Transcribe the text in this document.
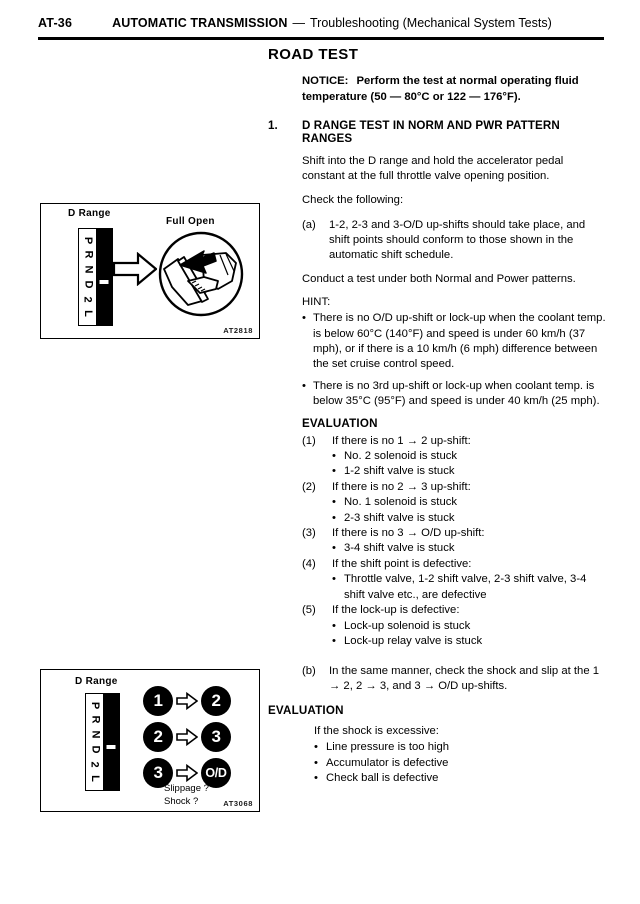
AT-36	AUTOMATIC TRANSMISSION — Troubleshooting (Mechanical System Tests)
AT2818
D Range
Full Open
P
R
N
D
2
L
ROAD TEST
NOTICE: Perform the test at normal operating fluid temperature (50 — 80°C or 122 — 176°F).
1.	D RANGE TEST IN NORM AND PWR PATTERN RANGES

Shift into the D range and hold the accelerator pedal constant at the full throttle valve opening position.

Check the following:

(a)	1-2, 2-3 and 3-O/D up-shifts should take place, and shift points should conform to those shown in the automatic shift schedule.

Conduct a test under both Normal and Power patterns.

HINT:
• There is no O/D up-shift or lock-up when the coolant temp. is below 60°C (140°F) and speed is under 60 km/h (37 mph), or if there is a 10 km/h (6 mph) difference between the set cruise control speed.
• There is no 3rd up-shift or lock-up when coolant temp. is below 35°C (95°F) and speed is under 40 km/h (25 mph).
EVALUATION
(1)	If there is no 1 → 2 up-shift:
• No. 2 solenoid is stuck
• 1-2 shift valve is stuck
(2)	If there is no 2 → 3 up-shift:
• No. 1 solenoid is stuck
• 2-3 shift valve is stuck
(3)	If there is no 3 → O/D up-shift:
• 3-4 shift valve is stuck
(4)	If the shift point is defective:
• Throttle valve, 1-2 shift valve, 2-3 shift valve, 3-4 shift valve etc., are defective
(5)	If the lock-up is defective:
• Lock-up solenoid is stuck
• Lock-up relay valve is stuck
(b)	In the same manner, check the shock and slip at the 1 → 2, 2 → 3, and 3 → O/D up-shifts.
EVALUATION
If the shock is excessive:
• Line pressure is too high
• Accumulator is defective
• Check ball is defective
AT3068
D Range
P
R
N
D
2
L
1	2
2	3
3	O/D
Slippage ?
Shock ?
